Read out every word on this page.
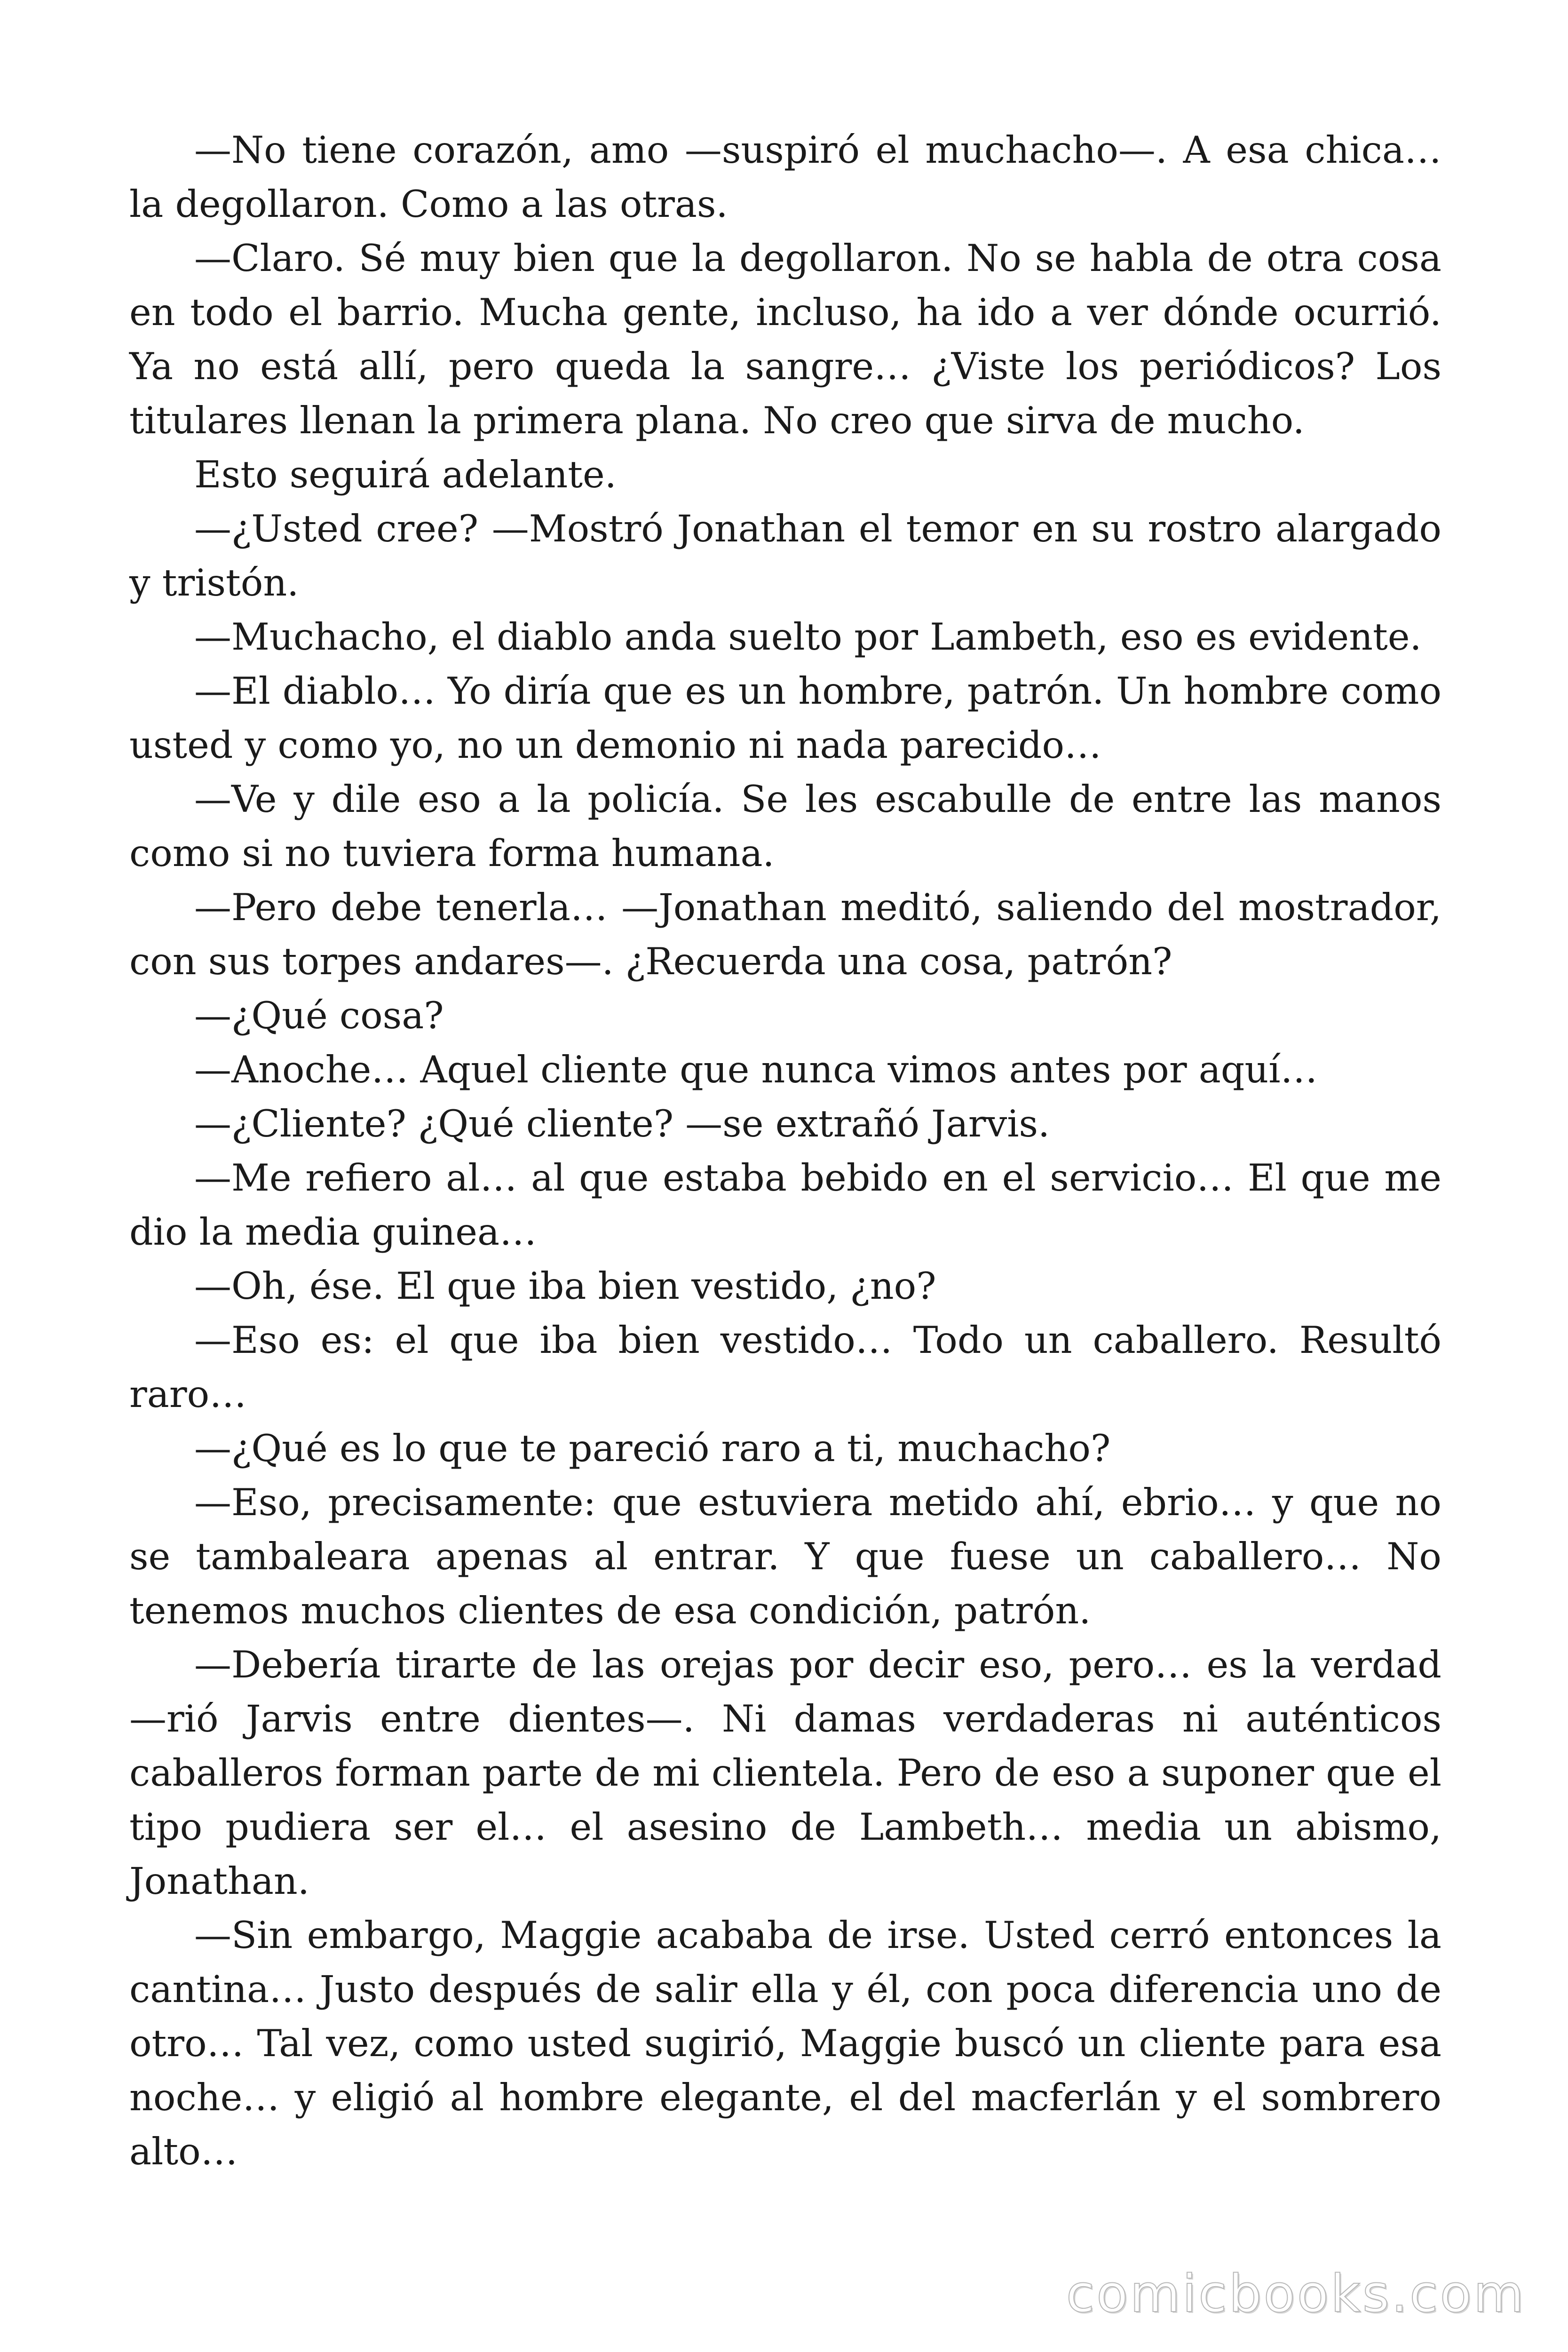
—No tiene corazón, amo —suspiró el muchacho—. A esa chica… la degollaron. Como a las otras.

—Claro. Sé muy bien que la degollaron. No se habla de otra cosa en todo el barrio. Mucha gente, incluso, ha ido a ver dónde ocurrió. Ya no está allí, pero queda la sangre… ¿Viste los periódicos? Los titulares llenan la primera plana. No creo que sirva de mucho.

Esto seguirá adelante.

—¿Usted cree? —Mostró Jonathan el temor en su rostro alargado y tristón.

—Muchacho, el diablo anda suelto por Lambeth, eso es evidente.

—El diablo… Yo diría que es un hombre, patrón. Un hombre como usted y como yo, no un demonio ni nada parecido…

—Ve y dile eso a la policía. Se les escabulle de entre las manos como si no tuviera forma humana.

—Pero debe tenerla… —Jonathan meditó, saliendo del mostrador, con sus torpes andares—. ¿Recuerda una cosa, patrón?

—¿Qué cosa?

—Anoche… Aquel cliente que nunca vimos antes por aquí…

—¿Cliente? ¿Qué cliente? —se extrañó Jarvis.

—Me refiero al… al que estaba bebido en el servicio… El que me dio la media guinea…

—Oh, ése. El que iba bien vestido, ¿no?

—Eso es: el que iba bien vestido… Todo un caballero. Resultó raro…

—¿Qué es lo que te pareció raro a ti, muchacho?

—Eso, precisamente: que estuviera metido ahí, ebrio… y que no se tambaleara apenas al entrar. Y que fuese un caballero… No tenemos muchos clientes de esa condición, patrón.

—Debería tirarte de las orejas por decir eso, pero… es la verdad —rió Jarvis entre dientes—. Ni damas verdaderas ni auténticos caballeros forman parte de mi clientela. Pero de eso a suponer que el tipo pudiera ser el… el asesino de Lambeth… media un abismo, Jonathan.

—Sin embargo, Maggie acababa de irse. Usted cerró entonces la cantina… Justo después de salir ella y él, con poca diferencia uno de otro… Tal vez, como usted sugirió, Maggie buscó un cliente para esa noche… y eligió al hombre elegante, el del macferlán y el sombrero alto…

comicbooks.com
